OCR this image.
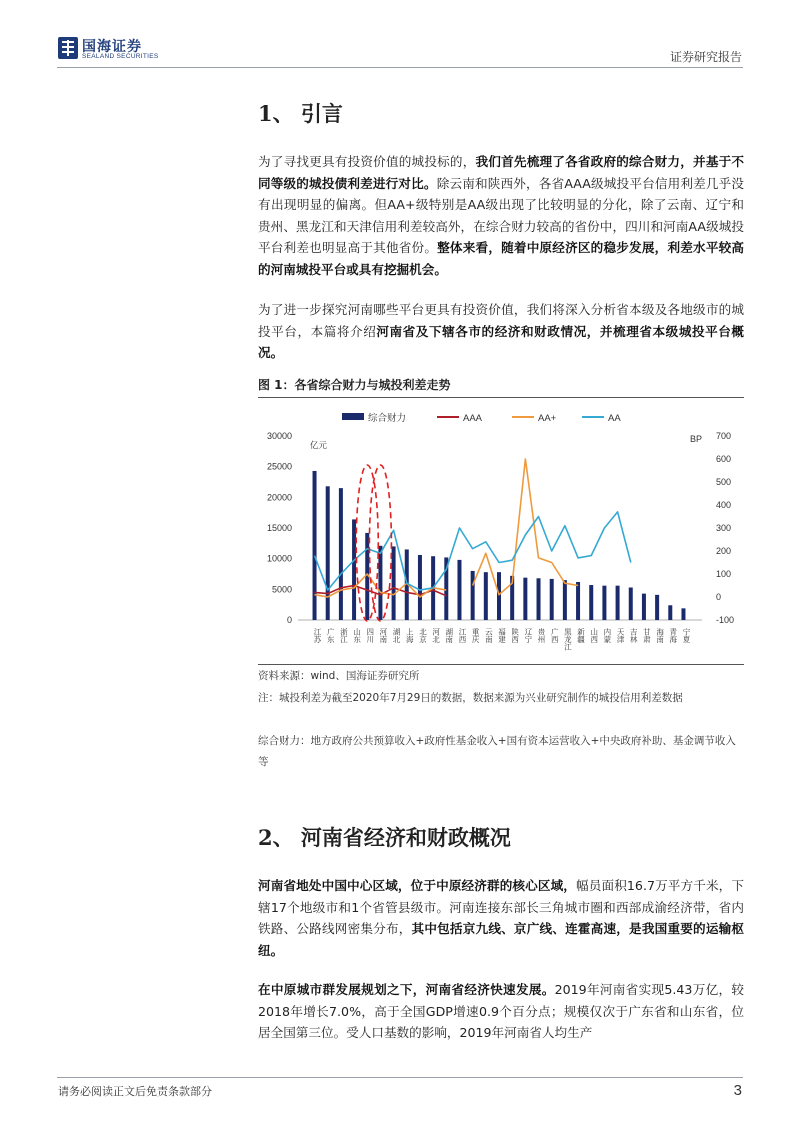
国海证券
SEALAND SECURITIES	证券研究报告
1、 引言
为了寻找更具有投资价值的城投标的，我们首先梳理了各省政府的综合财力，并基于不同等级的城投债利差进行对比。除云南和陕西外，各省AAA级城投平台信用利差几乎没有出现明显的偏离。但AA+级特别是AA级出现了比较明显的分化，除了云南、辽宁和贵州、黑龙江和天津信用利差较高外，在综合财力较高的省份中，四川和河南AA级城投平台利差也明显高于其他省份。整体来看，随着中原经济区的稳步发展，利差水平较高的河南城投平台或具有挖掘机会。
为了进一步探究河南哪些平台更具有投资价值，我们将深入分析省本级及各地级市的城投平台，本篇将介绍河南省及下辖各市的经济和财政情况，并梳理省本级城投平台概况。
图 1：各省综合财力与城投利差走势
综合财力	AAA	AA+	AA
亿元
BP
0
5000
10000
15000
20000
25000
30000
-100
0
100
200
300
400
500
600
700
江苏 广东 浙江 山东 四川 河南 湖北 上海 北京 河北 湖南 江西 重庆 云南 福建 陕西 辽宁 贵州 广西 黑龙江 新疆 山西 内蒙 天津 吉林 甘肃 海南 青海 宁夏
资料来源：wind、国海证券研究所
注：城投利差为截至2020年7月29日的数据，数据来源为兴业研究制作的城投信用利差数据
综合财力：地方政府公共预算收入+政府性基金收入+国有资本运营收入+中央政府补助、基金调节收入等
2、 河南省经济和财政概况
河南省地处中国中心区域，位于中原经济群的核心区域，幅员面积16.7万平方千米，下辖17个地级市和1个省管县级市。河南连接东部长三角城市圈和西部成渝经济带，省内铁路、公路线网密集分布，其中包括京九线、京广线、连霍高速，是我国重要的运输枢纽。
在中原城市群发展规划之下，河南省经济快速发展。2019年河南省实现5.43万亿，较2018年增长7.0%，高于全国GDP增速0.9个百分点；规模仅次于广东省和山东省，位居全国第三位。受人口基数的影响，2019年河南省人均生产
请务必阅读正文后免责条款部分	3
